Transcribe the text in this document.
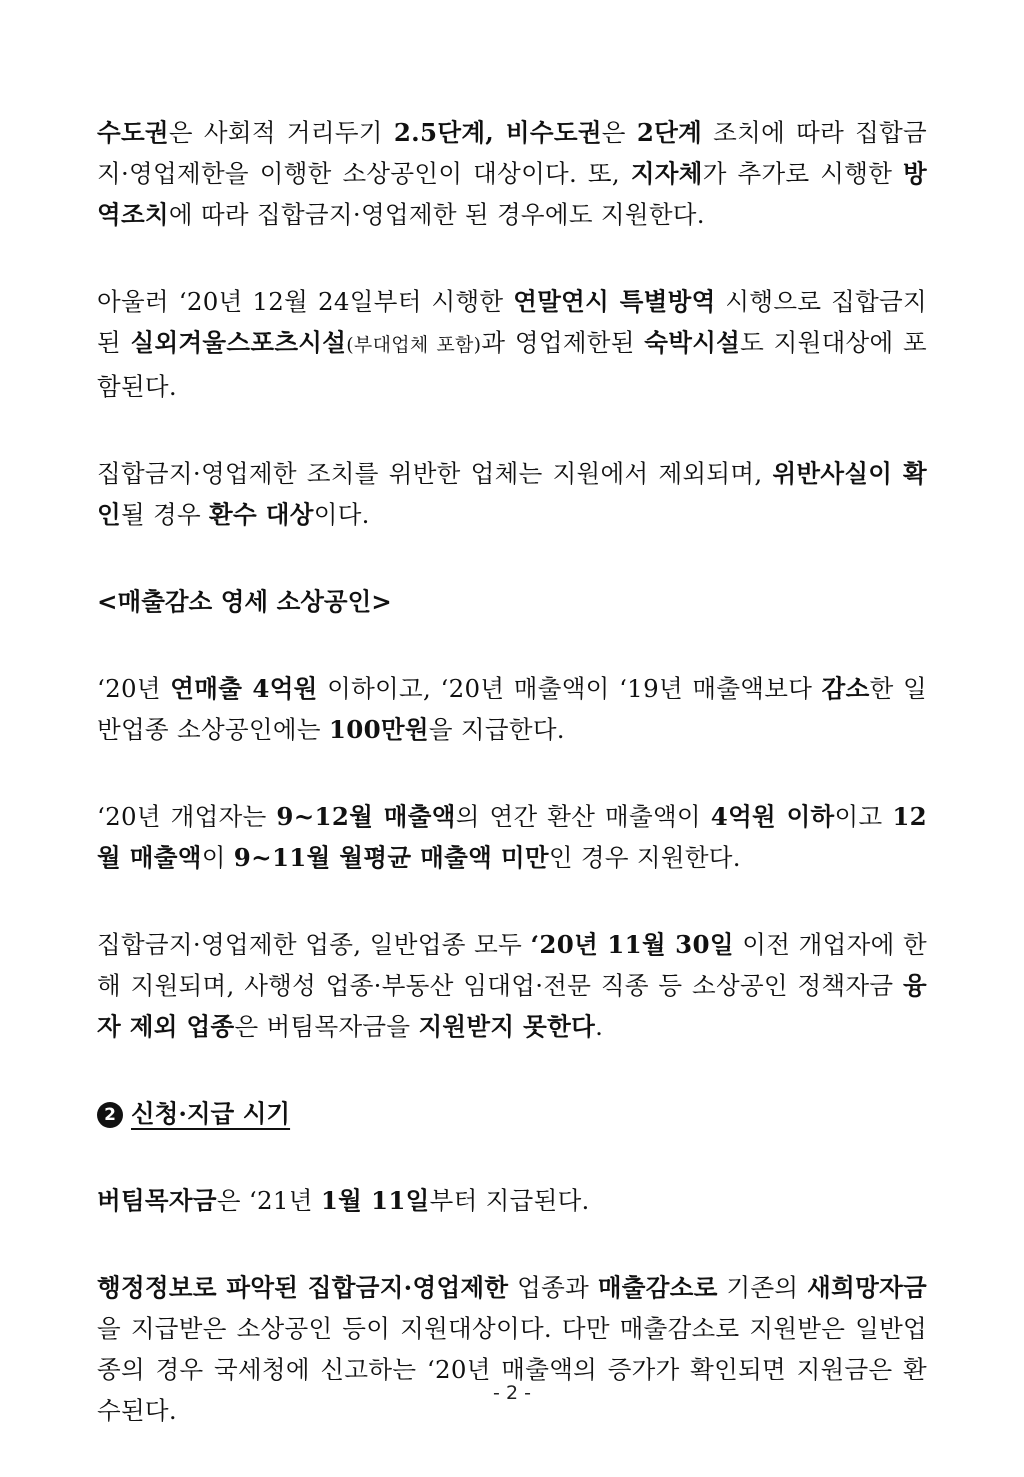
수도권은 사회적 거리두기 2.5단계, 비수도권은 2단계 조치에 따라 집합금지·영업제한을 이행한 소상공인이 대상이다. 또, 지자체가 추가로 시행한 방역조치에 따라 집합금지·영업제한 된 경우에도 지원한다.

아울러 ‘20년 12월 24일부터 시행한 연말연시 특별방역 시행으로 집합금지된 실외겨울스포츠시설(부대업체 포함)과 영업제한된 숙박시설도 지원대상에 포함된다.

집합금지·영업제한 조치를 위반한 업체는 지원에서 제외되며, 위반사실이 확인될 경우 환수 대상이다.

<매출감소 영세 소상공인>

‘20년 연매출 4억원 이하이고, ‘20년 매출액이 ‘19년 매출액보다 감소한 일반업종 소상공인에는 100만원을 지급한다.

‘20년 개업자는 9~12월 매출액의 연간 환산 매출액이 4억원 이하이고 12월 매출액이 9~11월 월평균 매출액 미만인 경우 지원한다.

집합금지·영업제한 업종, 일반업종 모두 ‘20년 11월 30일 이전 개업자에 한해 지원되며, 사행성 업종·부동산 임대업·전문 직종 등 소상공인 정책자금 융자 제외 업종은 버팀목자금을 지원받지 못한다.

2 신청·지급 시기

버팀목자금은 ‘21년 1월 11일부터 지급된다.

행정정보로 파악된 집합금지·영업제한 업종과 매출감소로 기존의 새희망자금을 지급받은 소상공인 등이 지원대상이다. 다만 매출감소로 지원받은 일반업종의 경우 국세청에 신고하는 ‘20년 매출액의 증가가 확인되면 지원금은 환수된다.

- 2 -
